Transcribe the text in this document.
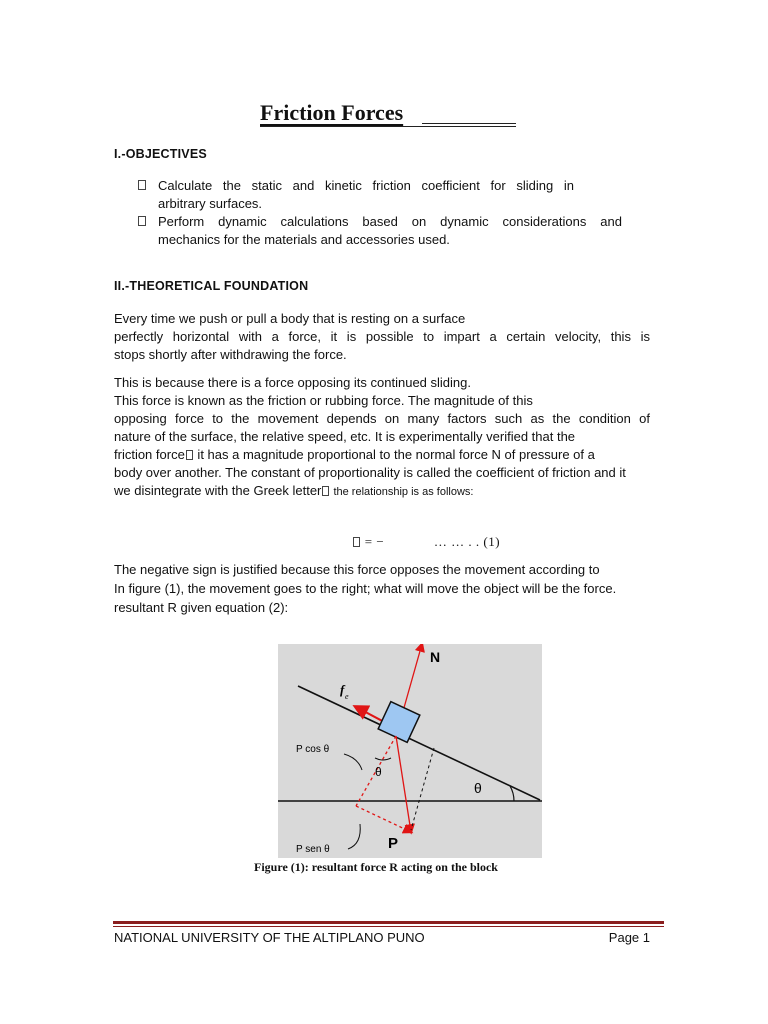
Friction Forces
I.-OBJECTIVES
Calculate the static and kinetic friction coefficient for sliding in
arbitrary surfaces.
Perform dynamic calculations based on dynamic considerations and
mechanics for the materials and accessories used.
II.-THEORETICAL FOUNDATION

Every time we push or pull a body that is resting on a surface
perfectly horizontal with a force, it is possible to impart a certain velocity, this is
stops shortly after withdrawing the force.

This is because there is a force opposing its continued sliding.
This force is known as the friction or rubbing force. The magnitude of this
opposing force to the movement depends on many factors such as the condition of
nature of the surface, the relative speed, etc. It is experimentally verified that the
friction force it has a magnitude proportional to the normal force N of pressure of a
body over another. The constant of proportionality is called the coefficient of friction and it
we disintegrate with the Greek letter the relationship is as follows:

= −	… … . . (1)
The negative sign is justified because this force opposes the movement according to
In figure (1), the movement goes to the right; what will move the object will be the force.
resultant R given equation (2):
N
f e
P cos θ
θ
θ
P sen θ	P

Figure (1): resultant force R acting on the block

NATIONAL UNIVERSITY OF THE ALTIPLANO PUNO	Page 1
